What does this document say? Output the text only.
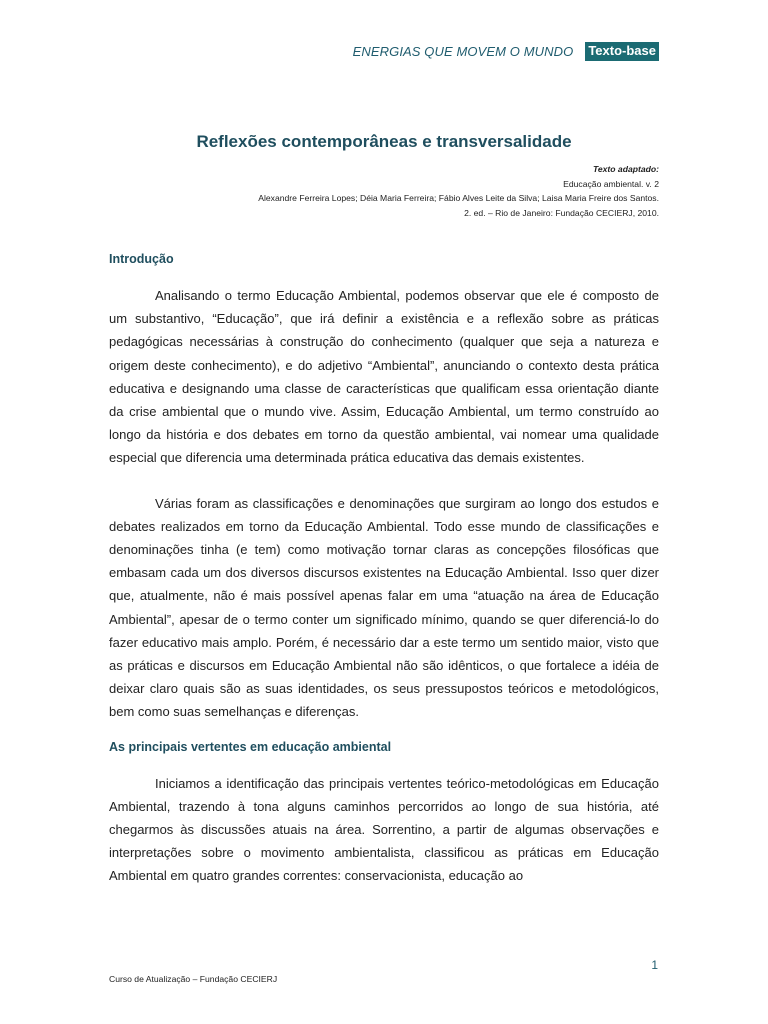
ENERGIAS QUE MOVEM O MUNDO Texto-base
Reflexões contemporâneas e transversalidade
Texto adaptado:
Educação ambiental. v. 2
Alexandre Ferreira Lopes; Déia Maria Ferreira; Fábio Alves Leite da Silva; Laisa Maria Freire dos Santos.
2. ed. – Rio de Janeiro: Fundação CECIERJ, 2010.
Introdução

Analisando o termo Educação Ambiental, podemos observar que ele é composto de um substantivo, “Educação”, que irá definir a existência e a reflexão sobre as práticas pedagógicas necessárias à construção do conhecimento (qualquer que seja a natureza e origem deste conhecimento), e do adjetivo “Ambiental”, anunciando o contexto desta prática educativa e designando uma classe de características que qualificam essa orientação diante da crise ambiental que o mundo vive. Assim, Educação Ambiental, um termo construído ao longo da história e dos debates em torno da questão ambiental, vai nomear uma qualidade especial que diferencia uma determinada prática educativa das demais existentes.

Várias foram as classificações e denominações que surgiram ao longo dos estudos e debates realizados em torno da Educação Ambiental. Todo esse mundo de classificações e denominações tinha (e tem) como motivação tornar claras as concepções filosóficas que embasam cada um dos diversos discursos existentes na Educação Ambiental. Isso quer dizer que, atualmente, não é mais possível apenas falar em uma “atuação na área de Educação Ambiental”, apesar de o termo conter um significado mínimo, quando se quer diferenciá-lo do fazer educativo mais amplo. Porém, é necessário dar a este termo um sentido maior, visto que as práticas e discursos em Educação Ambiental não são idênticos, o que fortalece a idéia de deixar claro quais são as suas identidades, os seus pressupostos teóricos e metodológicos, bem como suas semelhanças e diferenças.

As principais vertentes em educação ambiental

Iniciamos a identificação das principais vertentes teórico-metodológicas em Educação Ambiental, trazendo à tona alguns caminhos percorridos ao longo de sua história, até chegarmos às discussões atuais na área. Sorrentino, a partir de algumas observações e interpretações sobre o movimento ambientalista, classificou as práticas em Educação Ambiental em quatro grandes correntes: conservacionista, educação ao

1
Curso de Atualização – Fundação CECIERJ
